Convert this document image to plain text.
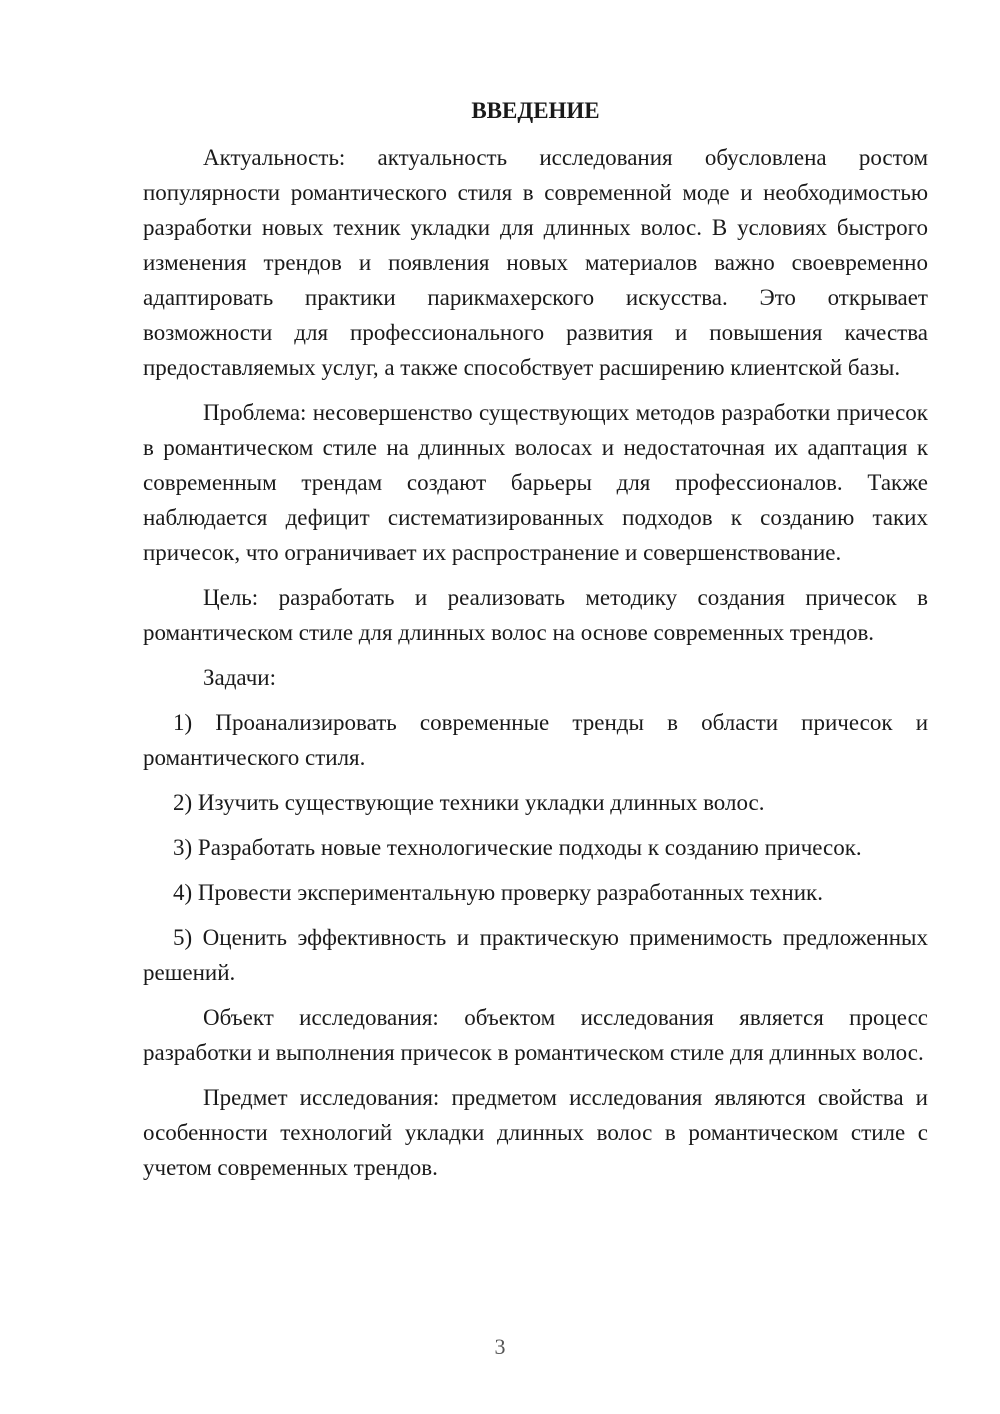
ВВЕДЕНИЕ

Актуальность: актуальность исследования обусловлена ростом популярности романтического стиля в современной моде и необходимостью разработки новых техник укладки для длинных волос. В условиях быстрого изменения трендов и появления новых материалов важно своевременно адаптировать практики парикмахерского искусства. Это открывает возможности для профессионального развития и повышения качества предоставляемых услуг, а также способствует расширению клиентской базы.

Проблема: несовершенство существующих методов разработки причесок в романтическом стиле на длинных волосах и недостаточная их адаптация к современным трендам создают барьеры для профессионалов. Также наблюдается дефицит систематизированных подходов к созданию таких причесок, что ограничивает их распространение и совершенствование.

Цель: разработать и реализовать методику создания причесок в романтическом стиле для длинных волос на основе современных трендов.

Задачи:

1) Проанализировать современные тренды в области причесок и романтического стиля.

2) Изучить существующие техники укладки длинных волос.

3) Разработать новые технологические подходы к созданию причесок.

4) Провести экспериментальную проверку разработанных техник.

5) Оценить эффективность и практическую применимость предложенных решений.

Объект исследования: объектом исследования является процесс разработки и выполнения причесок в романтическом стиле для длинных волос.

Предмет исследования: предметом исследования являются свойства и особенности технологий укладки длинных волос в романтическом стиле с учетом современных трендов.

3
